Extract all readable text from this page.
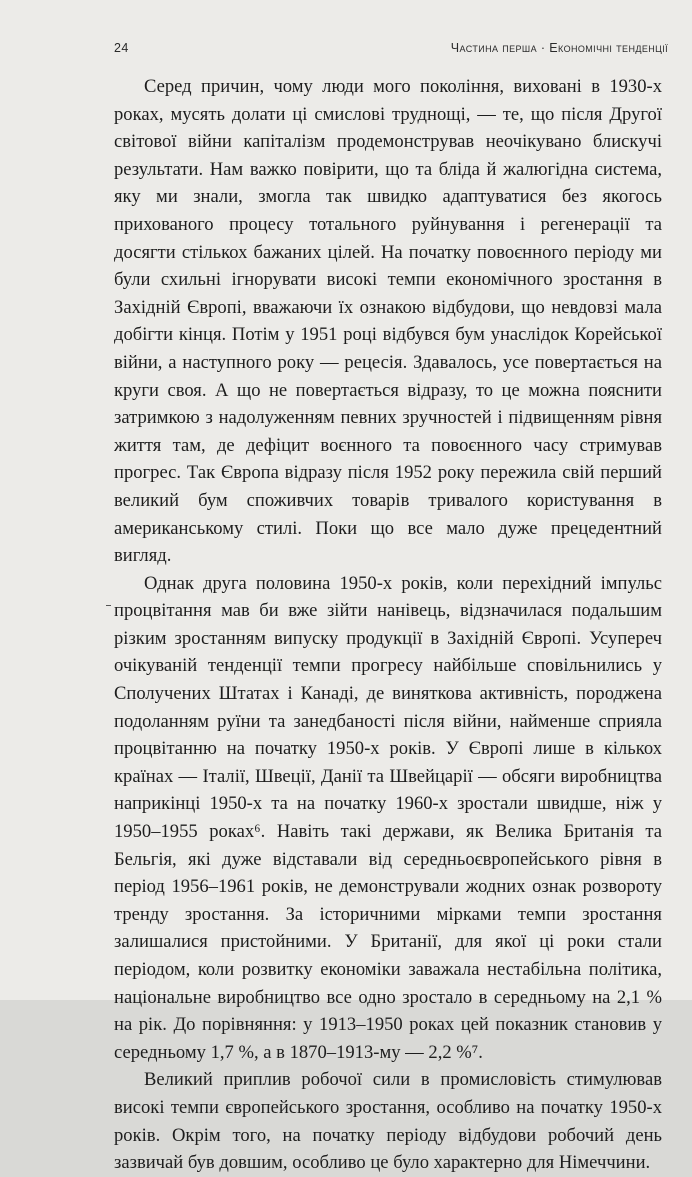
24	Частина перша · Економічні тенденції

Серед причин, чому люди мого покоління, виховані в 1930-х роках, мусять долати ці смислові труднощі, — те, що після Другої світової війни капіталізм продемонстрував неочікувано блискучі результати. Нам важко повірити, що та бліда й жалюгідна система, яку ми знали, змогла так швидко адаптуватися без якогось прихованого процесу тотального руйнування і регенерації та досягти стількох бажаних цілей. На початку повоєнного періоду ми були схильні ігнорувати високі темпи економічного зростання в Західній Європі, вважаючи їх ознакою відбудови, що невдовзі мала добігти кінця. Потім у 1951 році відбувся бум унаслідок Корейської війни, а наступного року — рецесія. Здавалось, усе повертається на круги своя. А що не повертається відразу, то це можна пояснити затримкою з надолуженням певних зручностей і підвищенням рівня життя там, де дефіцит воєнного та повоєнного часу стримував прогрес. Так Європа відразу після 1952 року пережила свій перший великий бум споживчих товарів тривалого користування в американському стилі. Поки що все мало дуже прецедентний вигляд.

Однак друга половина 1950-х років, коли перехідний імпульс процвітання мав би вже зійти нанівець, відзначилася подальшим різким зростанням випуску продукції в Західній Європі. Усупереч очікуваній тенденції темпи прогресу найбільше сповільнились у Сполучених Штатах і Канаді, де виняткова активність, породжена подоланням руїни та занедбаності після війни, найменше сприяла процвітанню на початку 1950-х років. У Європі лише в кількох країнах — Італії, Швеції, Данії та Швейцарії — обсяги виробництва наприкінці 1950-х та на початку 1960-х зростали швидше, ніж у 1950–1955 роках⁶. Навіть такі держави, як Велика Британія та Бельгія, які дуже відставали від середньоєвропейського рівня в період 1956–1961 років, не демонстрували жодних ознак розвороту тренду зростання. За історичними мірками темпи зростання залишалися пристойними. У Британії, для якої ці роки стали періодом, коли розвитку економіки заважала нестабільна політика, національне виробництво все одно зростало в середньому на 2,1 % на рік. До порівняння: у 1913–1950 роках цей показник становив у середньому 1,7 %, а в 1870–1913-му — 2,2 %⁷.

Великий приплив робочої сили в промисловість стимулював високі темпи європейського зростання, особливо на початку 1950-х років. Окрім того, на початку періоду відбудови робочий день зазвичай був довшим, особливо це було характерно для Німеччини.
